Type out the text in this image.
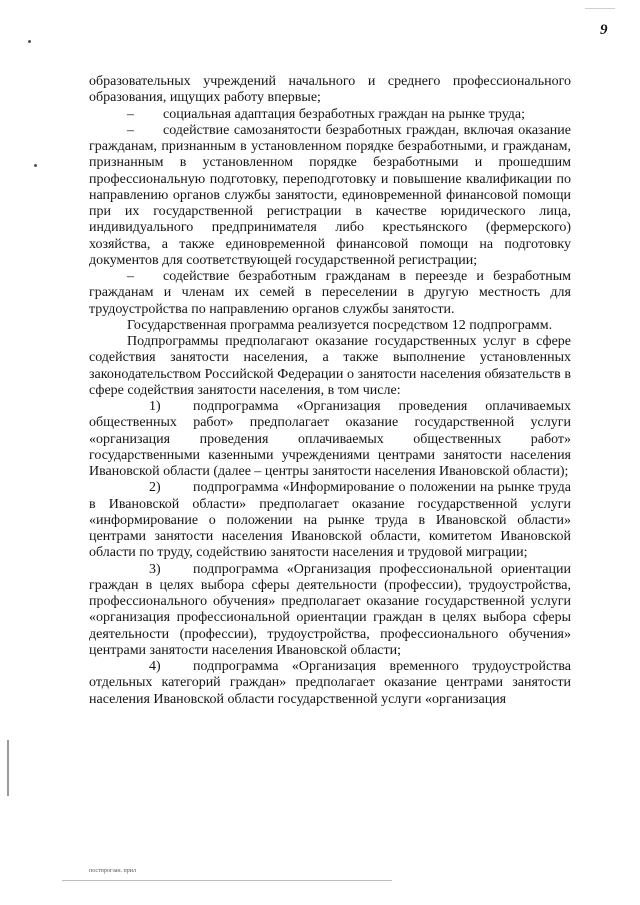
9

образовательных учреждений начального и среднего профессионального образования, ищущих работу впервые;

– социальная адаптация безработных граждан на рынке труда;

– содействие самозанятости безработных граждан, включая оказание гражданам, признанным в установленном порядке безработными, и гражданам, признанным в установленном порядке безработными и прошедшим профессиональную подготовку, переподготовку и повышение квалификации по направлению органов службы занятости, единовременной финансовой помощи при их государственной регистрации в качестве юридического лица, индивидуального предпринимателя либо крестьянского (фермерского) хозяйства, а также единовременной финансовой помощи на подготовку документов для соответствующей государственной регистрации;

– содействие безработным гражданам в переезде и безработным гражданам и членам их семей в переселении в другую местность для трудоустройства по направлению органов службы занятости.

Государственная программа реализуется посредством 12 подпрограмм.

Подпрограммы предполагают оказание государственных услуг в сфере содействия занятости населения, а также выполнение установленных законодательством Российской Федерации о занятости населения обязательств в сфере содействия занятости населения, в том числе:

1) подпрограмма «Организация проведения оплачиваемых общественных работ» предполагает оказание государственной услуги «организация проведения оплачиваемых общественных работ» государственными казенными учреждениями центрами занятости населения Ивановской области (далее – центры занятости населения Ивановской области);

2) подпрограмма «Информирование о положении на рынке труда в Ивановской области» предполагает оказание государственной услуги «информирование о положении на рынке труда в Ивановской области» центрами занятости населения Ивановской области, комитетом Ивановской области по труду, содействию занятости населения и трудовой миграции;

3) подпрограмма «Организация профессиональной ориентации граждан в целях выбора сферы деятельности (профессии), трудоустройства, профессионального обучения» предполагает оказание государственной услуги «организация профессиональной ориентации граждан в целях выбора сферы деятельности (профессии), трудоустройства, профессионального обучения» центрами занятости населения Ивановской области;

4) подпрограмма «Организация временного трудоустройства отдельных категорий граждан» предполагает оказание центрами занятости населения Ивановской области государственной услуги «организация

постпрогзан. прил
